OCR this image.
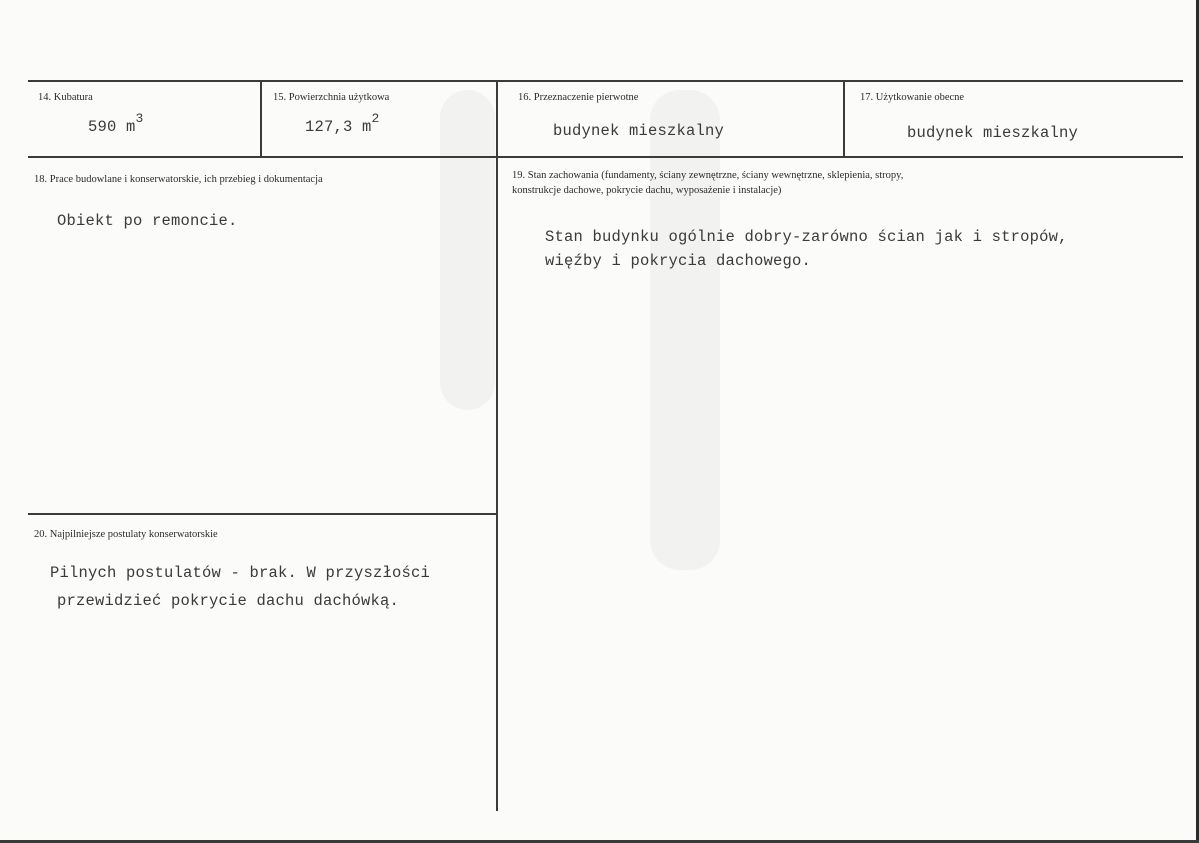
14. Kubatura
590 $m^3$
15. Powierzchnia użytkowa
127,3 $m^2$
16. Przeznaczenie pierwotne
budynek mieszkalny
17. Użytkowanie obecne
budynek mieszkalny
18. Prace budowlane i konserwatorskie, ich przebieg i dokumentacja
Obiekt po remoncie.
19. Stan zachowania (fundamenty, ściany zewnętrzne, ściany wewnętrzne, sklepienia, stropy,
konstrukcje dachowe, pokrycie dachu, wyposażenie i instalacje)
Stan budynku ogólnie dobry-zarówno ścian jak i stropów,
więźby i pokrycia dachowego.
20. Najpilniejsze postulaty konserwatorskie
Pilnych postulatów - brak. W przyszłości
przewidzieć pokrycie dachu dachówką.
